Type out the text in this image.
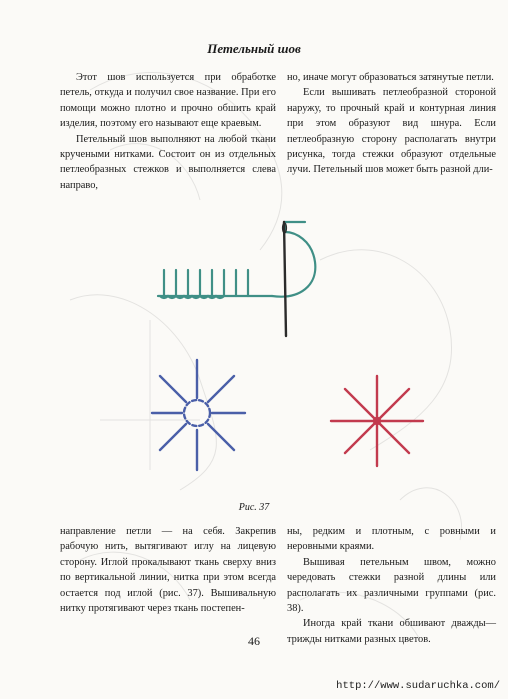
Петельный шов

Этот шов используется при обработке петель, откуда и получил свое название. При его помощи можно плотно и прочно обшить край изделия, поэтому его называют еще краевым.

Петельный шов выполняют на любой ткани кручеными нитками. Состоит он из отдельных петлеобразных стежков и выполняется слева направо,

но, иначе могут образоваться затянутые петли.

Если вышивать петлеобразной стороной наружу, то прочный край и контурная линия при этом образуют вид шнура. Если петлеобразную сторону располагать внутри рисунка, тогда стежки образуют отдельные лучи. Петельный шов может быть разной дли-

Рис. 37

направление петли — на себя. Закрепив рабочую нить, вытягивают иглу на лицевую сторону. Иглой прокалывают ткань сверху вниз по вертикальной линии, нитка при этом всегда остается под иглой (рис. 37). Вышивальную нитку протягивают через ткань постепен-

ны, редким и плотным, с ровными и неровными краями.

Вышивая петельным швом, можно чередовать стежки разной длины или располагать их различными группами (рис. 38).

Иногда край ткани обшивают дважды—трижды нитками разных цветов.

46
http://www.sudaruchka.com/
